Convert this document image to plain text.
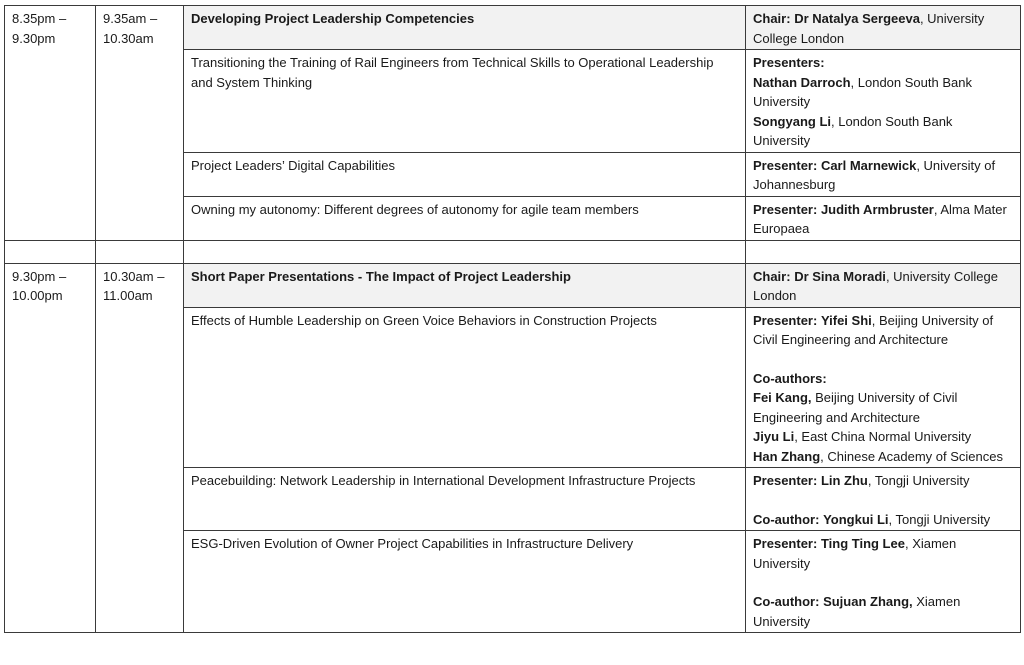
8.35pm – 9.30pm	9.35am – 10.30am	Developing Project Leadership Competencies	Chair: Dr Natalya Sergeeva, University College London
		Transitioning the Training of Rail Engineers from Technical Skills to Operational Leadership and System Thinking	Presenters:
Nathan Darroch, London South Bank University
Songyang Li, London South Bank University

		Project Leaders’ Digital Capabilities	Presenter: Carl Marnewick, University of Johannesburg
		Owning my autonomy: Different degrees of autonomy for agile team members	Presenter: Judith Armbruster, Alma Mater Europaea

9.30pm – 10.00pm	10.30am – 11.00am	Short Paper Presentations - The Impact of Project Leadership	Chair: Dr Sina Moradi, University College London
		Effects of Humble Leadership on Green Voice Behaviors in Construction Projects	Presenter: Yifei Shi, Beijing University of Civil Engineering and Architecture
Co-authors:
Fei Kang, Beijing University of Civil Engineering and Architecture
Jiyu Li, East China Normal University
Han Zhang, Chinese Academy of Sciences

		Peacebuilding: Network Leadership in International Development Infrastructure Projects	Presenter: Lin Zhu, Tongji University
Co-author: Yongkui Li, Tongji University

		ESG-Driven Evolution of Owner Project Capabilities in Infrastructure Delivery	Presenter: Ting Ting Lee, Xiamen University
Co-author: Sujuan Zhang, Xiamen University
